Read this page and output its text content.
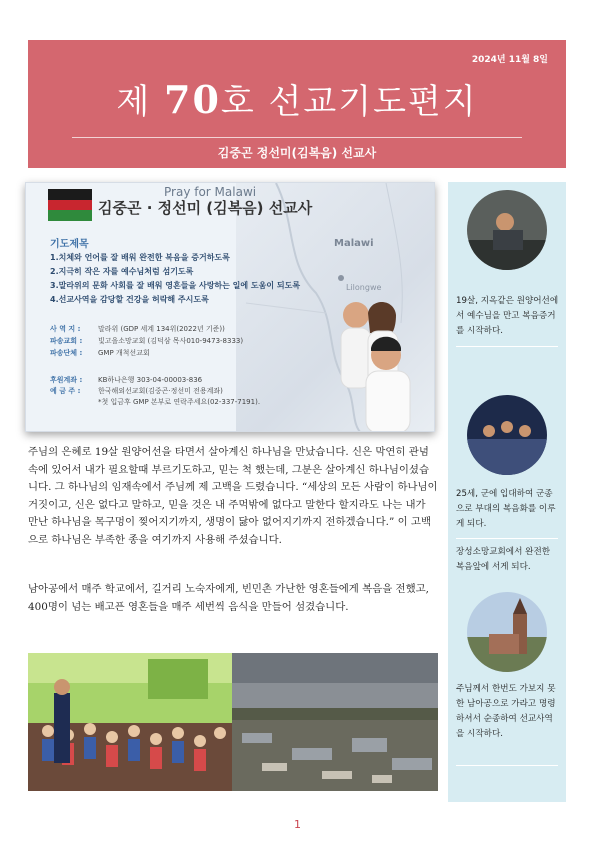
2024년 11월 8일
제 70호 선교기도편지
김중곤 정선미(김복음) 선교사
Malawi
Lilongwe
Pray for Malawi
김중곤 · 정선미 (김복음) 선교사
기도제목
1.치체와 언어를 잘 배워 완전한 복음을 증거하도록
2.지극히 작은 자를 예수님처럼 섬기도록
3.말라위의 문화 사회를 잘 배워 영혼들을 사랑하는 일에 도움이 되도록
4.선교사역을 감당할 건강을 허락해 주시도록
사 역 지 :	말라위 (GDP 세계 134위(2022년 기준))
파송교회 : 빛고을소망교회 (김덕삼 목사010-9473-8333)
파송단체 : GMP 개척선교회
후원계좌 : KB하나은행 303-04-00003-836
예 금 주 :	한국해외선교회(김중곤·정선미 전용계좌)
*첫 입금후 GMP 본부로 연락주세요(02-337-7191).

주님의 은혜로 19살 원양어선을 타면서 살아계신 하나님을 만났습니다. 신은 막연히 관념속에 있어서 내가 필요할때 부르기도하고, 믿는 척 했는데, 그분은 살아계신 하나님이셨습니다. 그 하나님의 임재속에서 주님께 제 고백을 드렸습니다. “세상의 모든 사람이 하나님이 거짓이고, 신은 없다고 말하고, 믿을 것은 내 주먹밖에 없다고 말한다 할지라도 나는 내가 만난 하나님을 목구멍이 찢어지기까지, 생명이 닳아 없어지기까지 전하겠습니다.” 이 고백으로 하나님은 부족한 종을 여기까지 사용해 주셨습니다.

남아공에서 매주 학교에서, 길거리 노숙자에게, 빈민촌 가난한 영혼들에게 복음을 전했고, 400명이 넘는 배고픈 영혼들을 매주 세번씩 음식을 만들어 섬겼습니다.

19살, 지옥같은 원양어선에서 예수님을 만고 복음증거를 시작하다.
25세, 군에 입대하여 군종으로 부대의 복음화를 이루게 되다.
장성소망교회에서 완전한 복음앞에 서게 되다.
주님께서 한번도 가보지 못한 남아공으로 가라고 명령하셔서 순종하여 선교사역을 시작하다.
1
